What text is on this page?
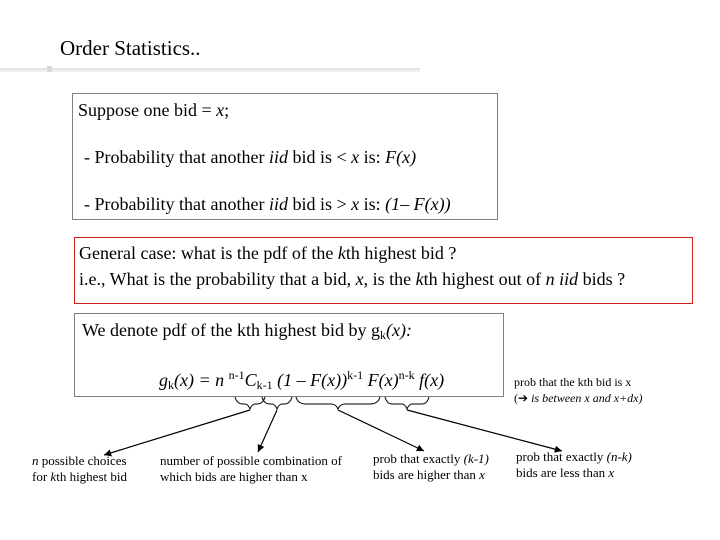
Order Statistics..
Suppose one bid = x;
- Probability that another iid bid is < x is: F(x)
- Probability that another iid bid is > x is: (1– F(x))
General case: what is the pdf of the kth highest bid ?
i.e., What is the probability that a bid, x, is the kth highest out of n iid bids ?
We denote pdf of the kth highest bid by $g_k(x)$:
$g_k(x) = n$ $^{n-1}C_{k-1}$ (1 – F(x))$^{k-1}$ $F(x)^{n-k}$ f(x)	prob that the kth bid is x
(➔ is between x and x+dx)
n possible choices
for kth highest bid
number of possible combination of
which bids are higher than x
prob that exactly (k-1)
bids are higher than x
prob that exactly (n-k)
bids are less than x
